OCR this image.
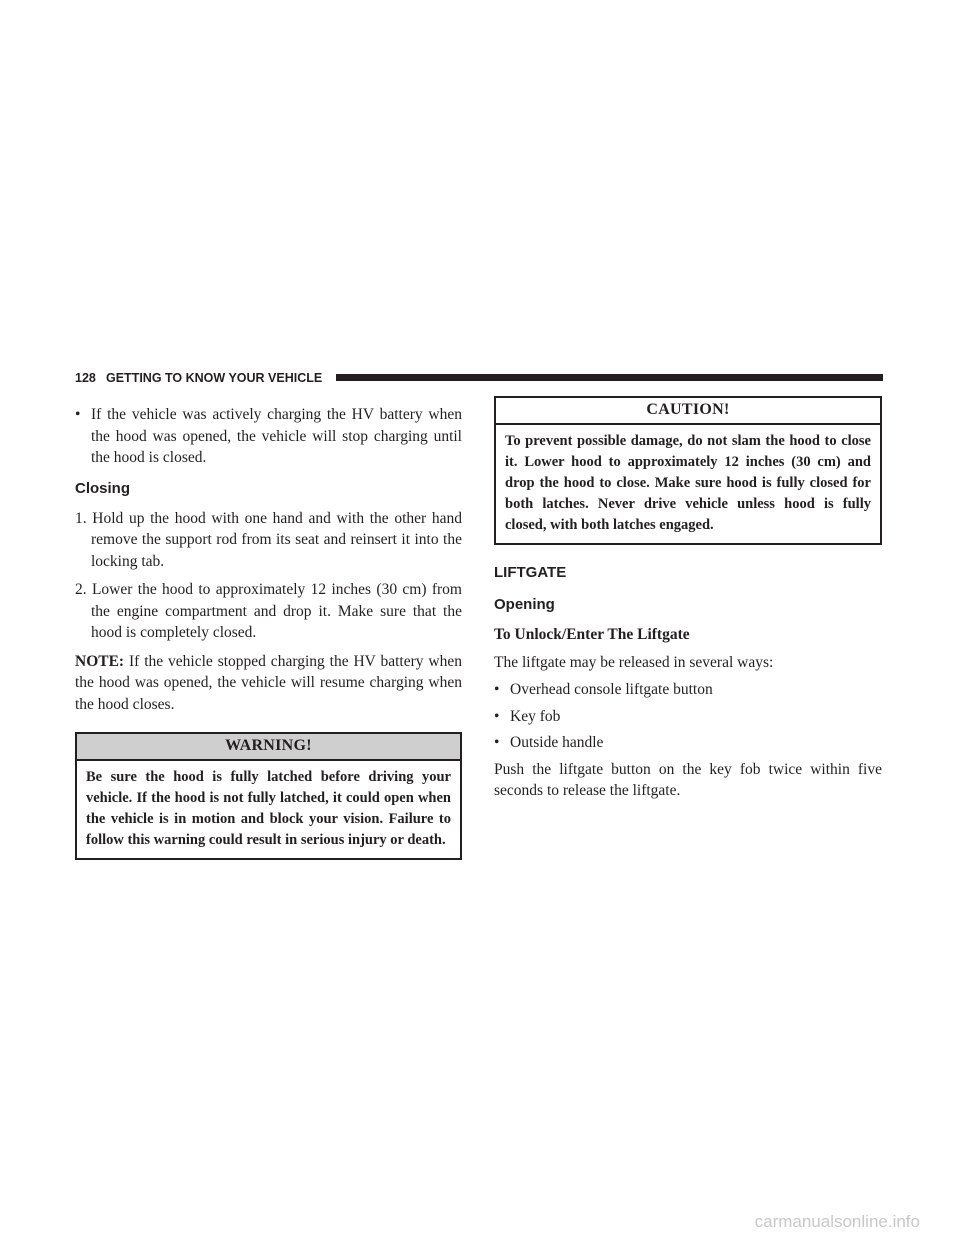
128 GETTING TO KNOW YOUR VEHICLE
• If the vehicle was actively charging the HV battery when the hood was opened, the vehicle will stop charging until the hood is closed.
Closing
1. Hold up the hood with one hand and with the other hand remove the support rod from its seat and reinsert it into the locking tab.
2. Lower the hood to approximately 12 inches (30 cm) from the engine compartment and drop it. Make sure that the hood is completely closed.

NOTE: If the vehicle stopped charging the HV battery when the hood was opened, the vehicle will resume charging when the hood closes.

WARNING!
Be sure the hood is fully latched before driving your vehicle. If the hood is not fully latched, it could open when the vehicle is in motion and block your vision. Failure to follow this warning could result in serious injury or death.
CAUTION!
To prevent possible damage, do not slam the hood to close it. Lower hood to approximately 12 inches (30 cm) and drop the hood to close. Make sure hood is fully closed for both latches. Never drive vehicle unless hood is fully closed, with both latches engaged.
LIFTGATE
Opening

To Unlock/Enter The Liftgate

The liftgate may be released in several ways:

• Overhead console liftgate button
• Key fob
• Outside handle

Push the liftgate button on the key fob twice within five seconds to release the liftgate.

carmanualsonline.info
